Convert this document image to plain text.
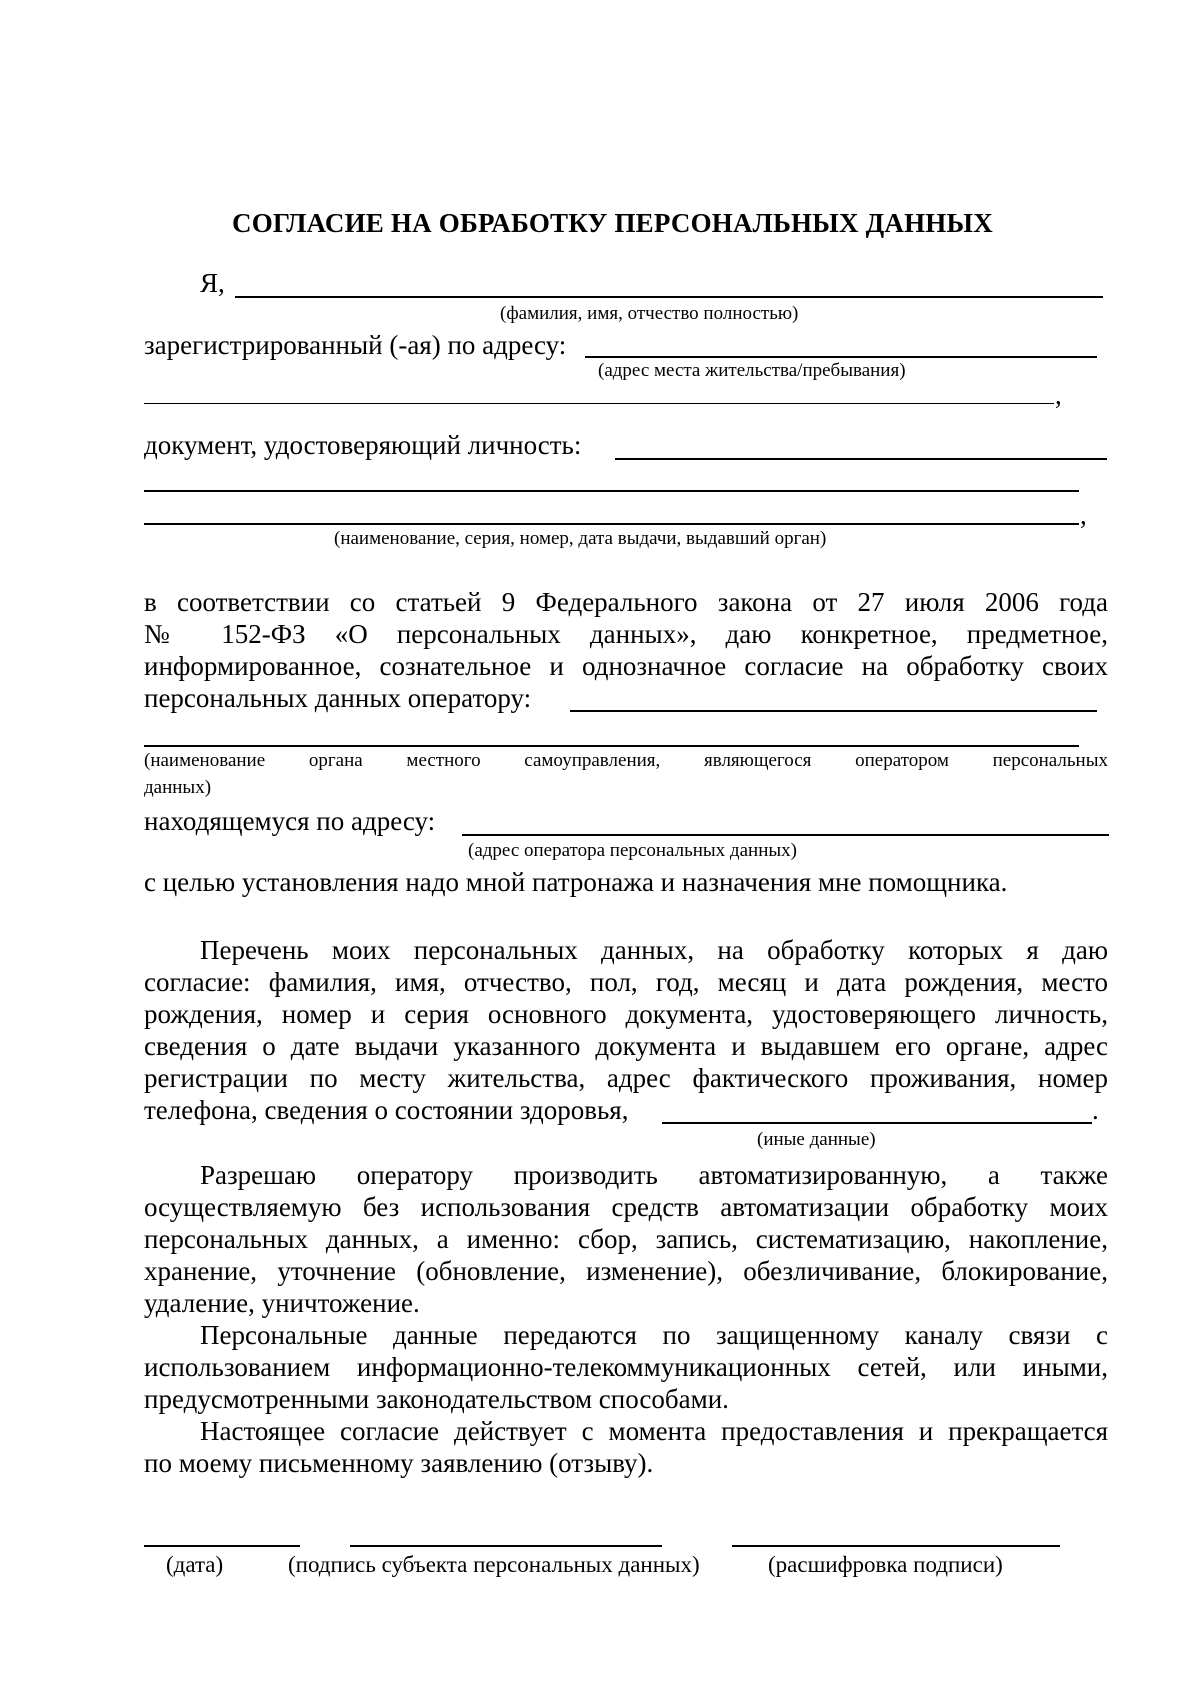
СОГЛАСИЕ НА ОБРАБОТКУ ПЕРСОНАЛЬНЫХ ДАННЫХ
Я,
(фамилия, имя, отчество полностью)
зарегистрированный (-ая) по адресу:
(адрес места жительства/пребывания)
,
документ, удостоверяющий личность:
,
(наименование, серия, номер, дата выдачи, выдавший орган)
в соответствии со статьей 9 Федерального закона от 27 июля 2006 года
№ 152-ФЗ «О персональных данных», даю конкретное, предметное,
информированное, сознательное и однозначное согласие на обработку своих
персональных данных оператору:
(наименование органа местного самоуправления, являющегося оператором персональных
данных)
находящемуся по адресу:
(адрес оператора персональных данных)
с целью установления надо мной патронажа и назначения мне помощника.
Перечень моих персональных данных, на обработку которых я даю
согласие: фамилия, имя, отчество, пол, год, месяц и дата рождения, место
рождения, номер и серия основного документа, удостоверяющего личность,
сведения о дате выдачи указанного документа и выдавшем его органе, адрес
регистрации по месту жительства, адрес фактического проживания, номер
телефона, сведения о состоянии здоровья,	.
(иные данные)
Разрешаю оператору производить автоматизированную, а также
осуществляемую без использования средств автоматизации обработку моих
персональных данных, а именно: сбор, запись, систематизацию, накопление,
хранение, уточнение (обновление, изменение), обезличивание, блокирование,
удаление, уничтожение.
Персональные данные передаются по защищенному каналу связи с
использованием информационно-телекоммуникационных сетей, или иными,
предусмотренными законодательством способами.
Настоящее согласие действует с момента предоставления и прекращается
по моему письменному заявлению (отзыву).
(дата)	(подпись субъекта персональных данных)	(расшифровка подписи)
